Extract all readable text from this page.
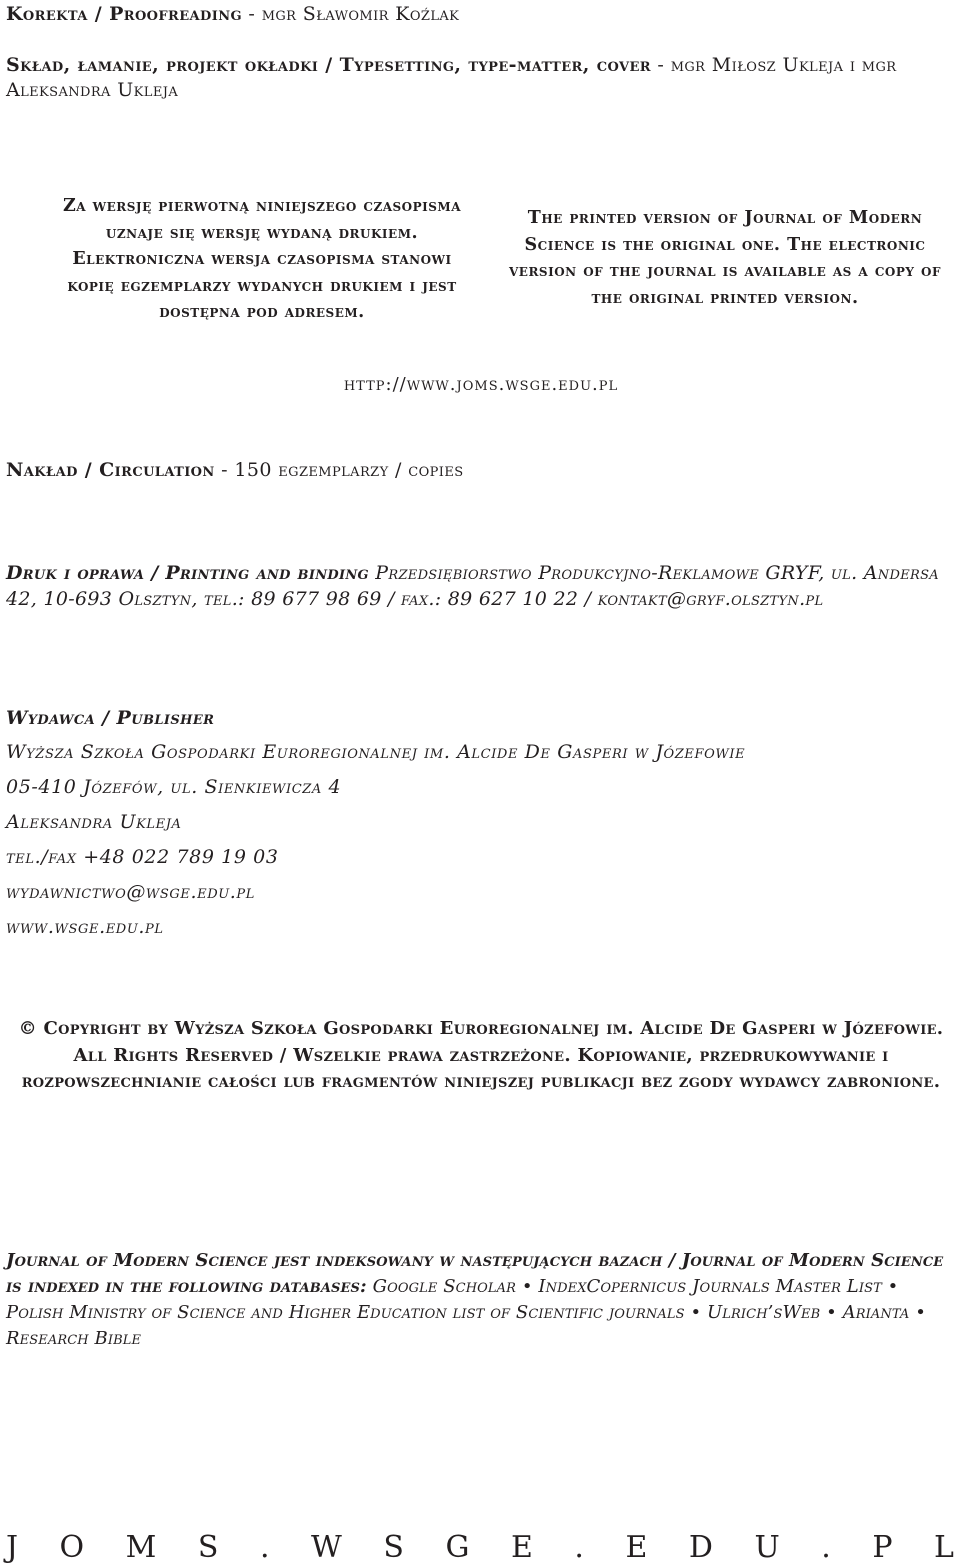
Korekta / Proofreading - mgr Sławomir Koźlak
Skład, łamanie, projekt okładki / Typesetting, type-matter, cover - mgr Miłosz Ukleja i mgr Aleksandra Ukleja
Za wersję pierwotną niniejszego czasopisma uznaje się wersję wydaną drukiem. Elektroniczna wersja czasopisma stanowi kopię egzemplarzy wydanych drukiem i jest dostępna pod adresem.
The printed version of Journal of Modern Science is the original one. The electronic version of the journal is available as a copy of the original printed version.
http://www.joms.wsge.edu.pl
Nakład / Circulation - 150 egzemplarzy / copies
Druk i oprawa / Printing and binding Przedsiębiorstwo Produkcyjno-Reklamowe GRYF, ul. Andersa 42, 10-693 Olsztyn, tel.: 89 677 98 69 / fax.: 89 627 10 22 / kontakt@gryf.olsztyn.pl
Wydawca / Publisher
Wyższa Szkoła Gospodarki Euroregionalnej im. Alcide De Gasperi w Józefowie
05-410 Józefów, ul. Sienkiewicza 4
Aleksandra Ukleja
tel./fax +48 022 789 19 03
wydawnictwo@wsge.edu.pl
www.wsge.edu.pl
© Copyright by Wyższa Szkoła Gospodarki Euroregionalnej im. Alcide De Gasperi w Józefowie. All Rights Reserved / Wszelkie prawa zastrzeżone. Kopiowanie, przedrukowywanie i rozpowszechnianie całości lub fragmentów niniejszej publikacji bez zgody wydawcy zabronione.
Journal of Modern Science jest indeksowany w następujących bazach / Journal of Modern Science is indexed in the following databases: Google Scholar • IndexCopernicus Journals Master List • Polish Ministry of Science and Higher Education list of Scientific journals • Ulrich’sWeb • Arianta • Research Bible
J O M S . W S G E . E D U . P L
